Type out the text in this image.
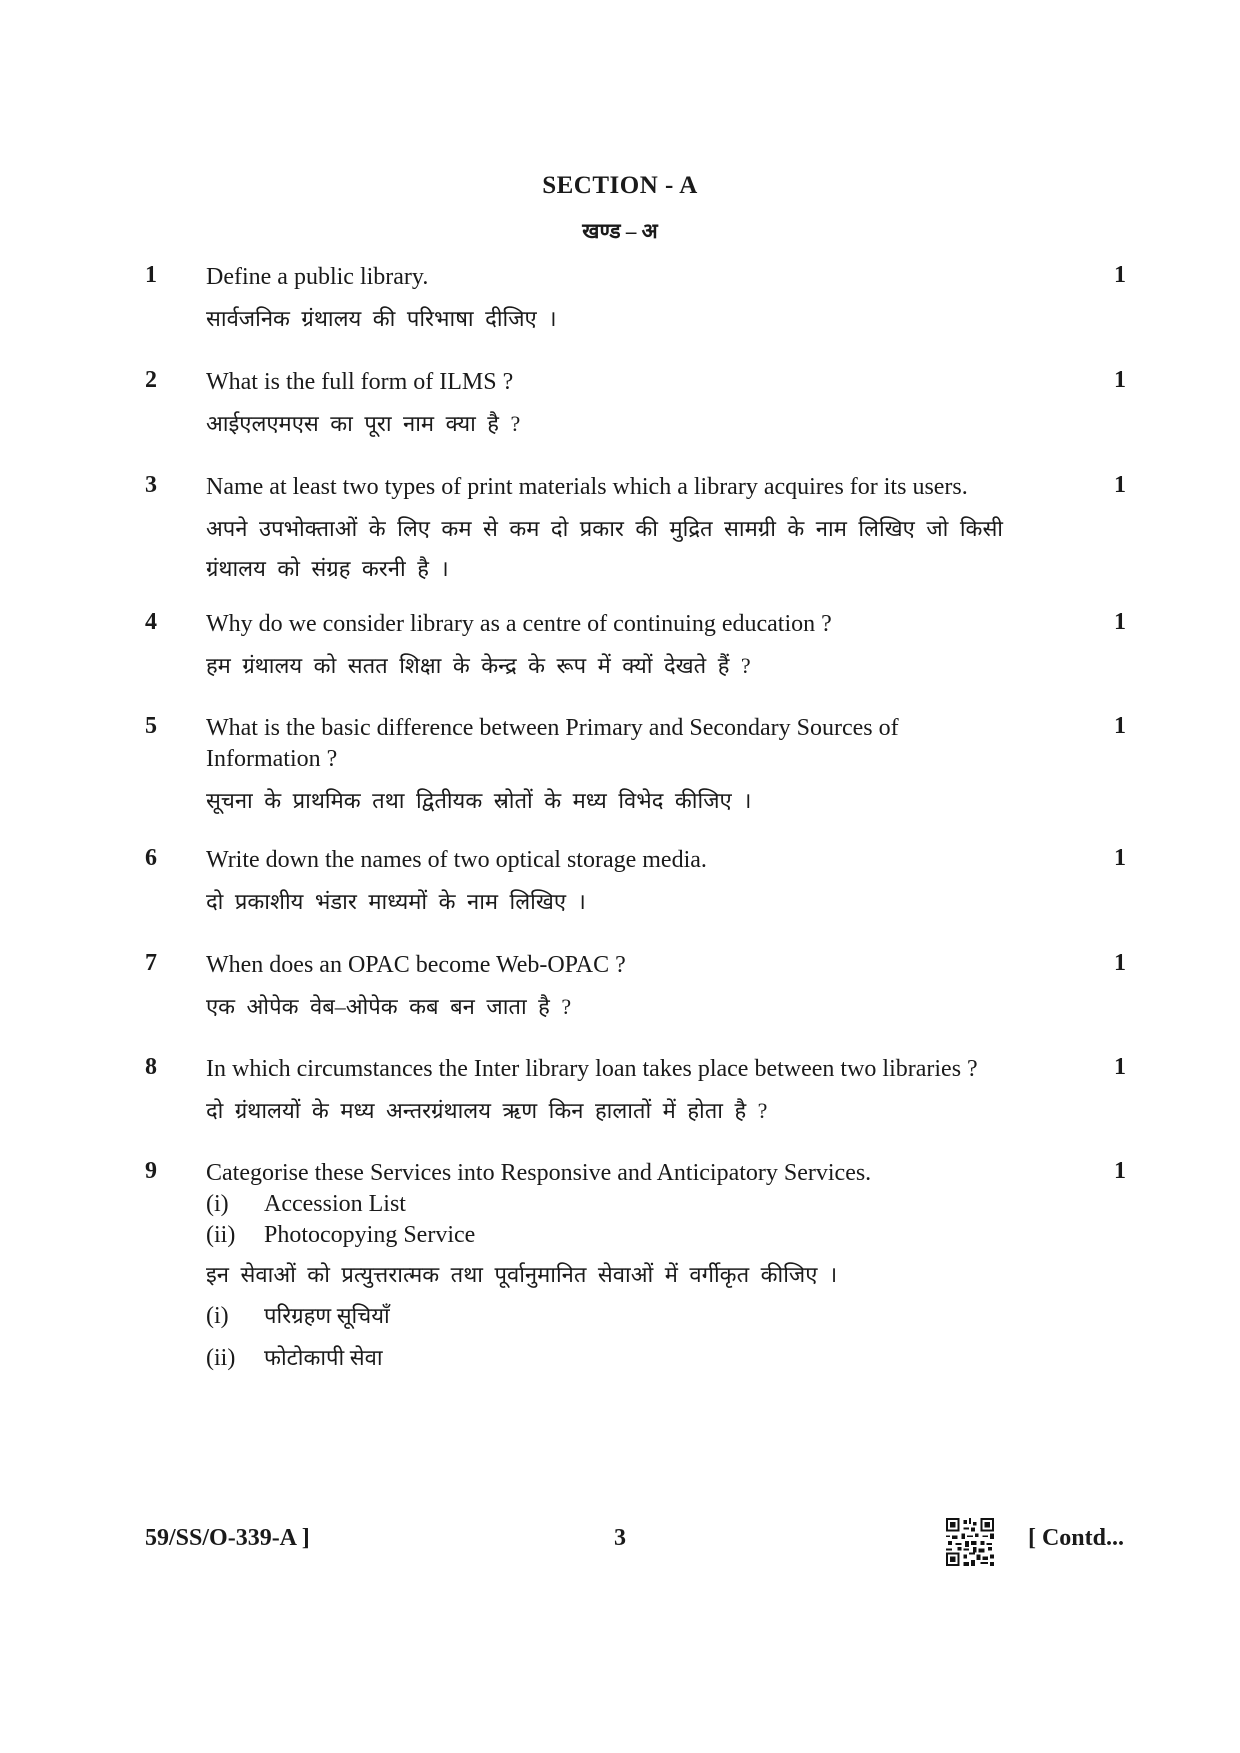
SECTION - A
खण्ड – अ
1 Define a public library.

सार्वजनिक ग्रंथालय की परिभाषा दीजिए ।

1
2 What is the full form of ILMS ?

आईएलएमएस का पूरा नाम क्या है ?

1
3 Name at least two types of print materials which a library acquires for its users.

अपने उपभोक्ताओं के लिए कम से कम दो प्रकार की मुद्रित सामग्री के नाम लिखिए जो किसी ग्रंथालय को संग्रह करनी है ।

1
4 Why do we consider library as a centre of continuing education ?

हम ग्रंथालय को सतत शिक्षा के केन्द्र के रूप में क्यों देखते हैं ?

1
5 What is the basic difference between Primary and Secondary Sources of Information ?

सूचना के प्राथमिक तथा द्वितीयक स्रोतों के मध्य विभेद कीजिए ।

1
6 Write down the names of two optical storage media.

दो प्रकाशीय भंडार माध्यमों के नाम लिखिए ।

1
7 When does an OPAC become Web-OPAC ?

एक ओपेक वेब–ओपेक कब बन जाता है ?

1
8 In which circumstances the Inter library loan takes place between two libraries ?

दो ग्रंथालयों के मध्य अन्तरग्रंथालय ऋण किन हालातों में होता है ?

1
9 Categorise these Services into Responsive and Anticipatory Services.

(i) Accession List

(ii) Photocopying Service

इन सेवाओं को प्रत्युत्तरात्मक तथा पूर्वानुमानित सेवाओं में वर्गीकृत कीजिए ।

(i) परिग्रहण सूचियाँ

(ii) फोटोकापी सेवा

1
59/SS/O-339-A ]	3	[ Contd...
